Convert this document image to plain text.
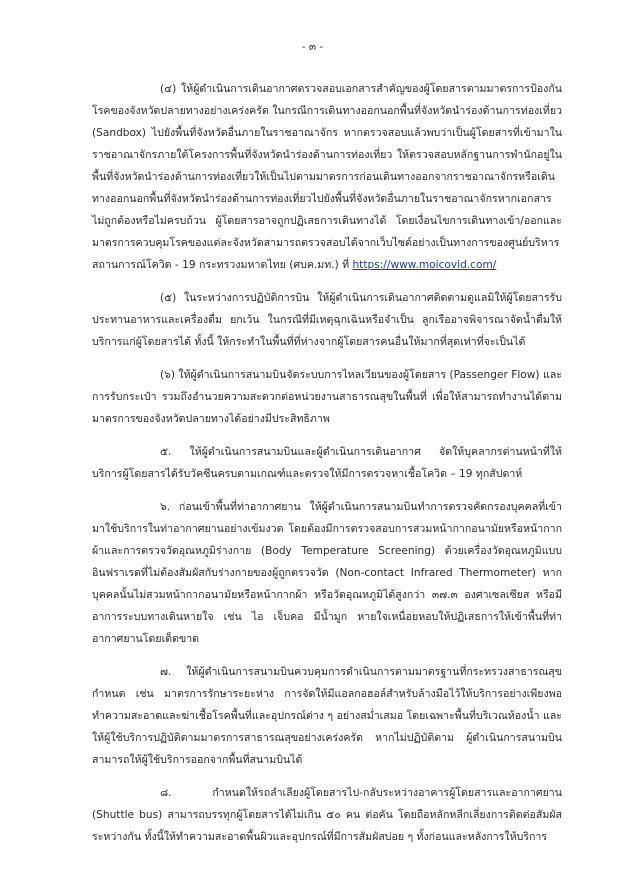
- ๓ -

(๔) ให้ผู้ดำเนินการเดินอากาศตรวจสอบเอกสารสำคัญของผู้โดยสารตามมาตรการป้องกันโรคของจังหวัดปลายทางอย่างเคร่งครัด ในกรณีการเดินทางออกนอกพื้นที่จังหวัดนำร่องด้านการท่องเที่ยว (Sandbox) ไปยังพื้นที่จังหวัดอื่นภายในราชอาณาจักร หากตรวจสอบแล้วพบว่าเป็นผู้โดยสารที่เข้ามาในราชอาณาจักรภายใต้โครงการพื้นที่จังหวัดนำร่องด้านการท่องเที่ยว ให้ตรวจสอบหลักฐานการพำนักอยู่ในพื้นที่จังหวัดนำร่องด้านการท่องเที่ยวให้เป็นไปตามมาตรการก่อนเดินทางออกจากราชอาณาจักรหรือเดินทางออกนอกพื้นที่จังหวัดนำร่องด้านการท่องเที่ยวไปยังพื้นที่จังหวัดอื่นภายในราชอาณาจักรหากเอกสารไม่ถูกต้องหรือไม่ครบถ้วน ผู้โดยสารอาจถูกปฏิเสธการเดินทางได้ โดยเงื่อนไขการเดินทางเข้า/ออกและมาตรการควบคุมโรคของแต่ละจังหวัดสามารถตรวจสอบได้จากเว็บไซต์อย่างเป็นทางการของศูนย์บริหารสถานการณ์โควิด - 19 กระทรวงมหาดไทย (ศบค.มท.) ที่ https://www.moicovid.com/

(๕) ในระหว่างการปฏิบัติการบิน ให้ผู้ดำเนินการเดินอากาศติดตามดูแลมิให้ผู้โดยสารรับประทานอาหารและเครื่องดื่ม ยกเว้น ในกรณีที่มีเหตุฉุกเฉินหรือจำเป็น ลูกเรืออาจพิจารณาจัดน้ำดื่มให้บริการแก่ผู้โดยสารได้ ทั้งนี้ ให้กระทำในพื้นที่ที่ห่างจากผู้โดยสารคนอื่นให้มากที่สุดเท่าที่จะเป็นได้

(๖) ให้ผู้ดำเนินการสนามบินจัดระบบการไหลเวียนของผู้โดยสาร (Passenger Flow) และการรับกระเป๋า รวมถึงอำนวยความสะดวกต่อหน่วยงานสาธารณสุขในพื้นที่ เพื่อให้สามารถทำงานได้ตามมาตรการของจังหวัดปลายทางได้อย่างมีประสิทธิภาพ

๕. ให้ผู้ดำเนินการสนามบินและผู้ดำเนินการเดินอากาศ จัดให้บุคลากรด่านหน้าที่ให้บริการผู้โดยสารได้รับวัคซีนครบตามเกณฑ์และตรวจให้มีการตรวจหาเชื้อโควิด – 19 ทุกสัปดาห์

๖. ก่อนเข้าพื้นที่ท่าอากาศยาน ให้ผู้ดำเนินการสนามบินทำการตรวจคัดกรองบุคคลที่เข้ามาใช้บริการในท่าอากาศยานอย่างเข้มงวด โดยต้องมีการตรวจสอบการสวมหน้ากากอนามัยหรือหน้ากากผ้าและการตรวจวัดอุณหภูมิร่างกาย (Body Temperature Screening) ด้วยเครื่องวัดอุณหภูมิแบบอินฟราเรดที่ไม่ต้องสัมผัสกับร่างกายของผู้ถูกตรวจวัด (Non-contact Infrared Thermometer) หากบุคคลนั้นไม่สวมหน้ากากอนามัยหรือหน้ากากผ้า หรือวัดอุณหภูมิได้สูงกว่า ๓๗.๓ องศาเซลเซียส หรือมีอาการระบบทางเดินหายใจ เช่น ไอ เจ็บคอ มีน้ำมูก หายใจเหนื่อยหอบให้ปฏิเสธการให้เข้าพื้นที่ท่าอากาศยานโดยเด็ดขาด

๗. ให้ผู้ดำเนินการสนามบินควบคุมการดำเนินการตามมาตรฐานที่กระทรวงสาธารณสุขกำหนด เช่น มาตรการรักษาระยะห่าง การจัดให้มีแอลกอฮอล์สำหรับล้างมือไว้ให้บริการอย่างเพียงพอ ทำความสะอาดและฆ่าเชื้อโรคพื้นที่และอุปกรณ์ต่าง ๆ อย่างสม่ำเสมอ โดยเฉพาะพื้นที่บริเวณห้องน้ำ และให้ผู้ใช้บริการปฏิบัติตามมาตรการสาธารณสุขอย่างเคร่งครัด หากไม่ปฏิบัติตาม ผู้ดำเนินการสนามบินสามารถให้ผู้ใช้บริการออกจากพื้นที่สนามบินได้

๘. กำหนดให้รถลำเลียงผู้โดยสารไป-กลับระหว่างอาคารผู้โดยสารและอากาศยาน (Shuttle bus) สามารถบรรทุกผู้โดยสารได้ไม่เกิน ๕๐ คน ต่อคัน โดยถือหลักหลีกเลี่ยงการติดต่อสัมผัสระหว่างกัน ทั้งนี้ให้ทำความสะอาดพื้นผิวและอุปกรณ์ที่มีการสัมผัสบ่อย ๆ ทั้งก่อนและหลังการให้บริการ
